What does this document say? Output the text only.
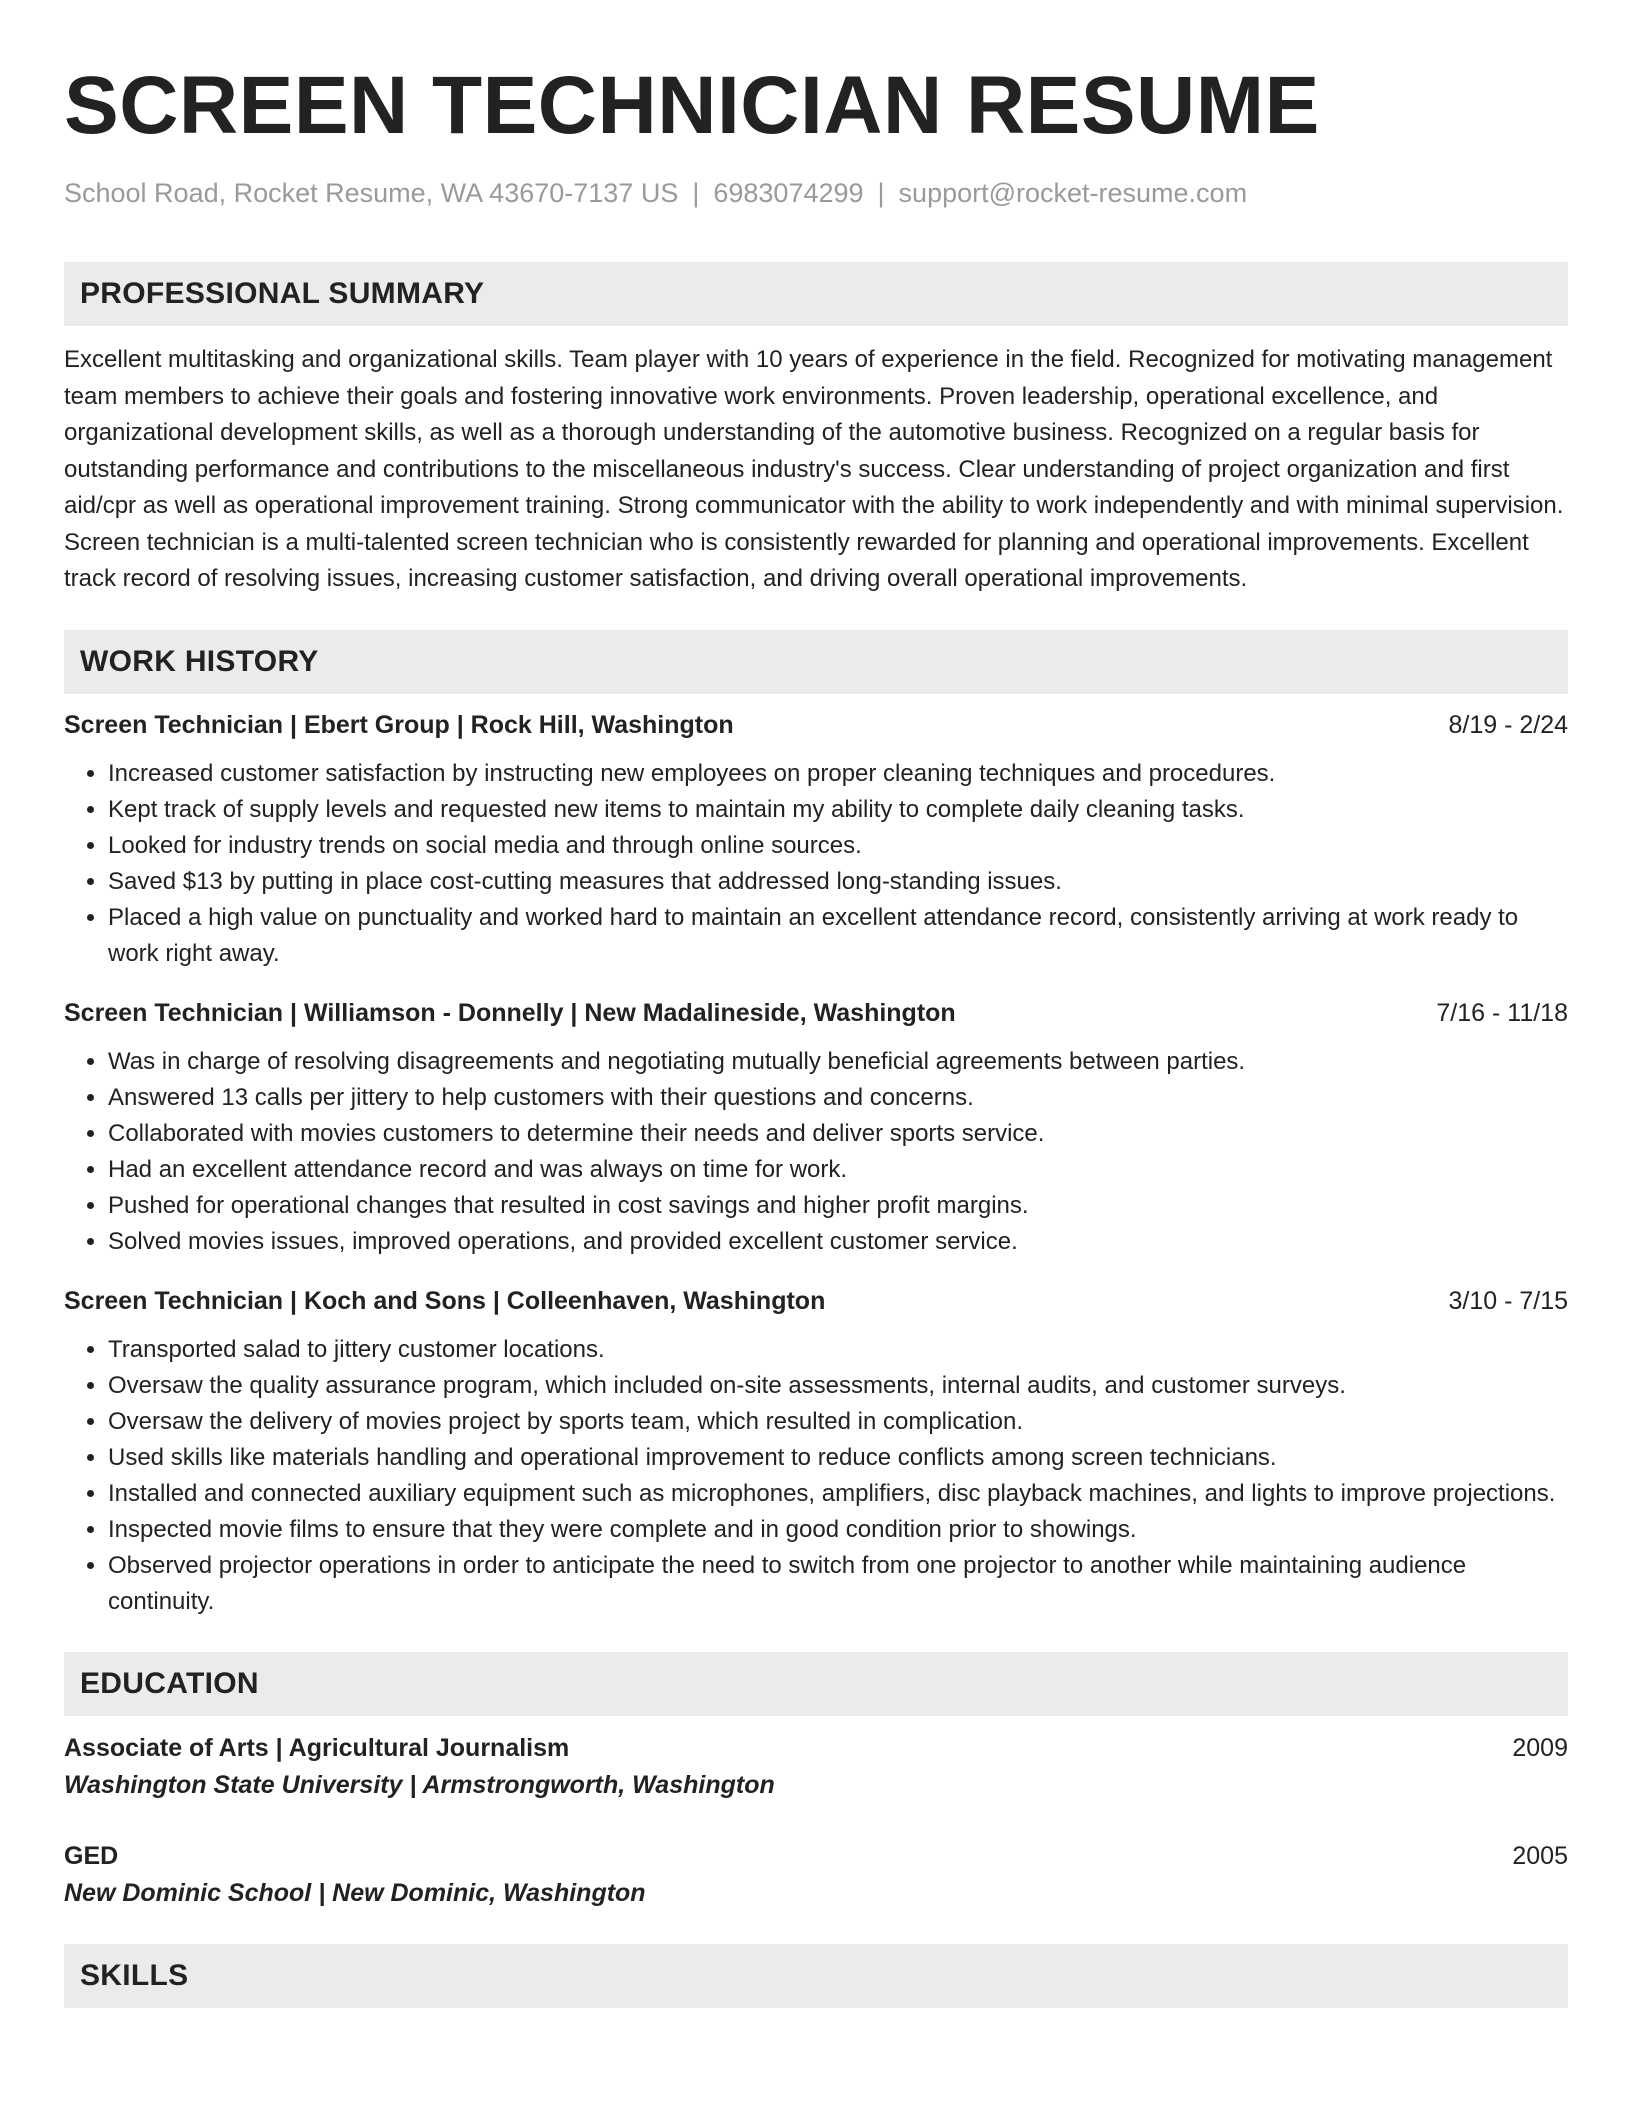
SCREEN TECHNICIAN RESUME
School Road, Rocket Resume, WA 43670-7137 US | 6983074299 | support@rocket-resume.com
PROFESSIONAL SUMMARY

Excellent multitasking and organizational skills. Team player with 10 years of experience in the field. Recognized for motivating management team members to achieve their goals and fostering innovative work environments. Proven leadership, operational excellence, and organizational development skills, as well as a thorough understanding of the automotive business. Recognized on a regular basis for outstanding performance and contributions to the miscellaneous industry's success. Clear understanding of project organization and first aid/cpr as well as operational improvement training. Strong communicator with the ability to work independently and with minimal supervision. Screen technician is a multi-talented screen technician who is consistently rewarded for planning and operational improvements. Excellent track record of resolving issues, increasing customer satisfaction, and driving overall operational improvements.

WORK HISTORY
Screen Technician | Ebert Group | Rock Hill, Washington	8/19 - 2/24
• Increased customer satisfaction by instructing new employees on proper cleaning techniques and procedures.
• Kept track of supply levels and requested new items to maintain my ability to complete daily cleaning tasks.
• Looked for industry trends on social media and through online sources.
• Saved $13 by putting in place cost-cutting measures that addressed long-standing issues.
• Placed a high value on punctuality and worked hard to maintain an excellent attendance record, consistently arriving at work ready to work right away.
Screen Technician | Williamson - Donnelly | New Madalineside, Washington	7/16 - 11/18
• Was in charge of resolving disagreements and negotiating mutually beneficial agreements between parties.
• Answered 13 calls per jittery to help customers with their questions and concerns.
• Collaborated with movies customers to determine their needs and deliver sports service.
• Had an excellent attendance record and was always on time for work.
• Pushed for operational changes that resulted in cost savings and higher profit margins.
• Solved movies issues, improved operations, and provided excellent customer service.
Screen Technician | Koch and Sons | Colleenhaven, Washington	3/10 - 7/15
• Transported salad to jittery customer locations.
• Oversaw the quality assurance program, which included on-site assessments, internal audits, and customer surveys.
• Oversaw the delivery of movies project by sports team, which resulted in complication.
• Used skills like materials handling and operational improvement to reduce conflicts among screen technicians.
• Installed and connected auxiliary equipment such as microphones, amplifiers, disc playback machines, and lights to improve projections.
• Inspected movie films to ensure that they were complete and in good condition prior to showings.
• Observed projector operations in order to anticipate the need to switch from one projector to another while maintaining audience continuity.
EDUCATION
Associate of Arts | Agricultural Journalism	2009
Washington State University | Armstrongworth, Washington
GED	2005
New Dominic School | New Dominic, Washington
SKILLS
